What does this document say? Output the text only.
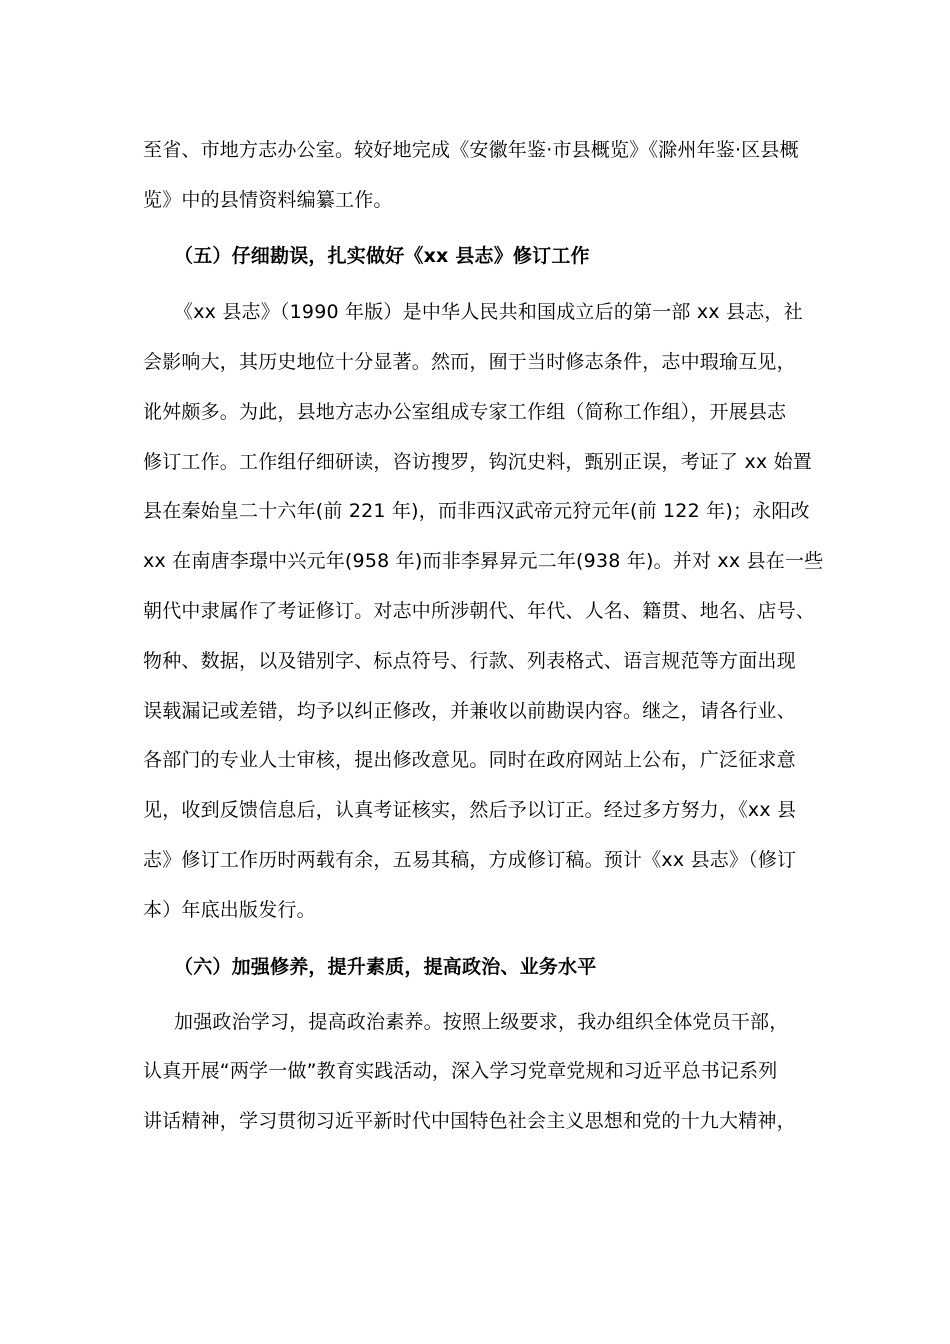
至省、市地方志办公室。较好地完成《安徽年鉴·市县概览》《滁州年鉴·区县概
览》中的县情资料编纂工作。
（五）仔细勘误，扎实做好《xx 县志》修订工作
《xx 县志》（1990 年版）是中华人民共和国成立后的第一部 xx 县志，社
会影响大，其历史地位十分显著。然而，囿于当时修志条件，志中瑕瑜互见，
讹舛颇多。为此，县地方志办公室组成专家工作组（简称工作组），开展县志
修订工作。工作组仔细研读，咨访搜罗，钩沉史料，甄别正误，考证了 xx 始置
县在秦始皇二十六年(前 221 年)，而非西汉武帝元狩元年(前 122 年)；永阳改
xx 在南唐李璟中兴元年(958 年)而非李昪昇元二年(938 年)。并对 xx 县在一些
朝代中隶属作了考证修订。对志中所涉朝代、年代、人名、籍贯、地名、店号、
物种、数据，以及错别字、标点符号、行款、列表格式、语言规范等方面出现
误载漏记或差错，均予以纠正修改，并兼收以前勘误内容。继之，请各行业、
各部门的专业人士审核，提出修改意见。同时在政府网站上公布，广泛征求意
见，收到反馈信息后，认真考证核实，然后予以订正。经过多方努力，《xx 县
志》修订工作历时两载有余，五易其稿，方成修订稿。预计《xx 县志》（修订
本）年底出版发行。
（六）加强修养，提升素质，提高政治、业务水平
加强政治学习，提高政治素养。按照上级要求，我办组织全体党员干部，
认真开展“两学一做”教育实践活动，深入学习党章党规和习近平总书记系列
讲话精神，学习贯彻习近平新时代中国特色社会主义思想和党的十九大精神，
